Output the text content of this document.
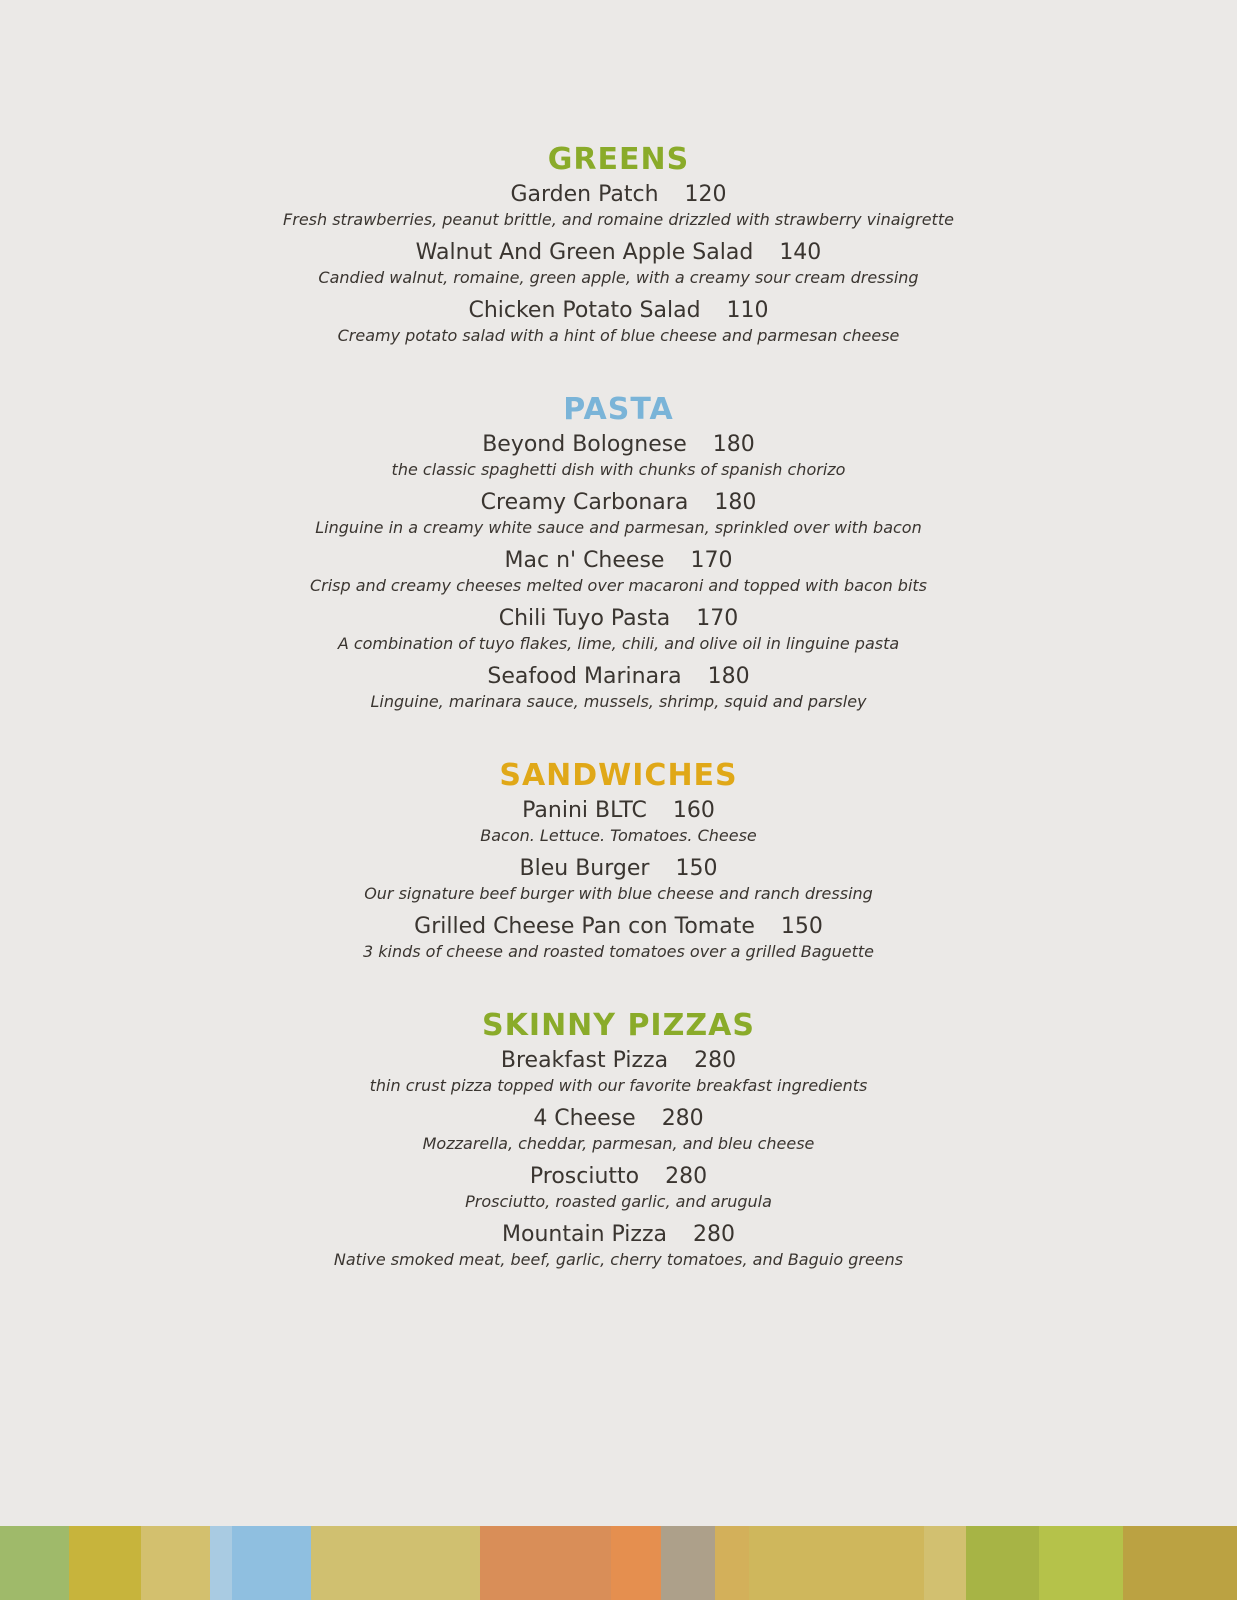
GREENS
Garden Patch 120
Fresh strawberries, peanut brittle, and romaine drizzled with strawberry vinaigrette
Walnut And Green Apple Salad 140
Candied walnut, romaine, green apple, with a creamy sour cream dressing
Chicken Potato Salad 110
Creamy potato salad with a hint of blue cheese and parmesan cheese
PASTA
Beyond Bolognese 180
the classic spaghetti dish with chunks of spanish chorizo
Creamy Carbonara 180
Linguine in a creamy white sauce and parmesan, sprinkled over with bacon
Mac n' Cheese 170
Crisp and creamy cheeses melted over macaroni and topped with bacon bits
Chili Tuyo Pasta 170
A combination of tuyo flakes, lime, chili, and olive oil in linguine pasta
Seafood Marinara 180
Linguine, marinara sauce, mussels, shrimp, squid and parsley
SANDWICHES
Panini BLTC 160
Bacon. Lettuce. Tomatoes. Cheese
Bleu Burger 150
Our signature beef burger with blue cheese and ranch dressing
Grilled Cheese Pan con Tomate 150
3 kinds of cheese and roasted tomatoes over a grilled Baguette
SKINNY PIZZAS
Breakfast Pizza 280
thin crust pizza topped with our favorite breakfast ingredients
4 Cheese 280
Mozzarella, cheddar, parmesan, and bleu cheese
Prosciutto 280
Prosciutto, roasted garlic, and arugula
Mountain Pizza 280
Native smoked meat, beef, garlic, cherry tomatoes, and Baguio greens
